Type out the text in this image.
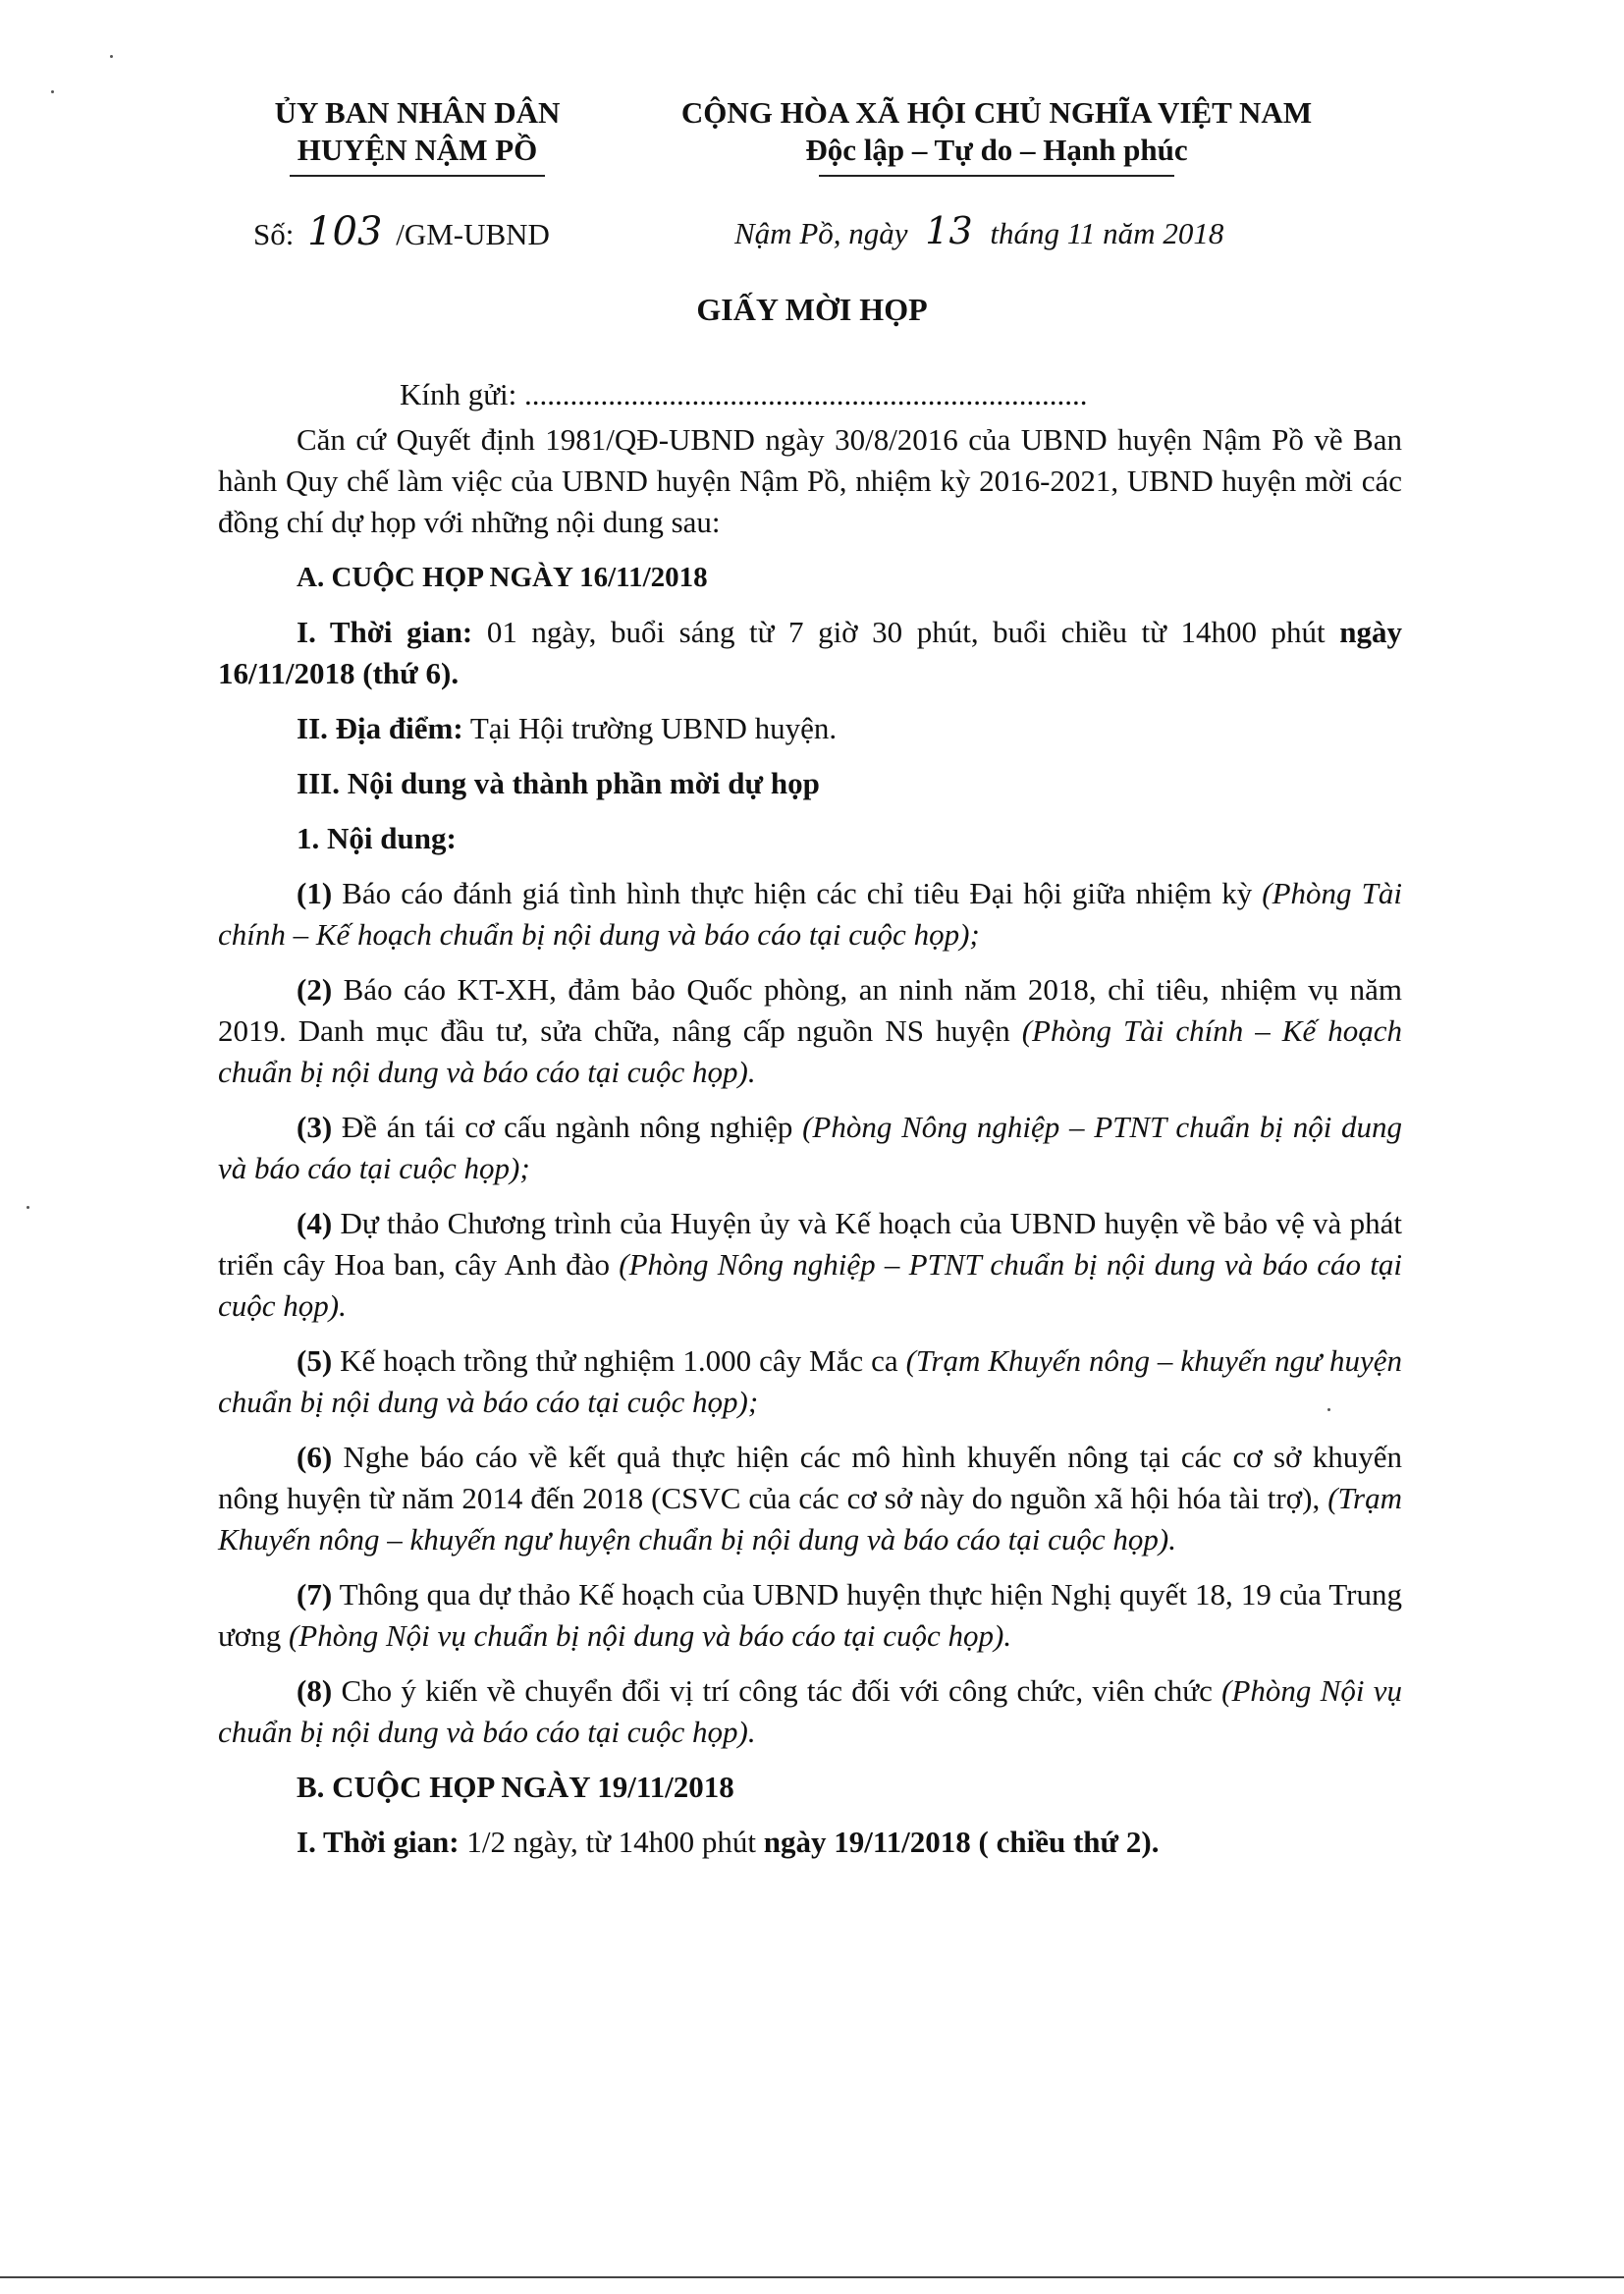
ỦY BAN NHÂN DÂN

HUYỆN NẬM PỒ

CỘNG HÒA XÃ HỘI CHỦ NGHĨA VIỆT NAM

Độc lập – Tự do – Hạnh phúc

Số: 103 /GM-UBND	Nậm Pồ, ngày 13 tháng 11 năm 2018
GIẤY MỜI HỌP
Kính gửi: ..........................................................................

Căn cứ Quyết định 1981/QĐ-UBND ngày 30/8/2016 của UBND huyện Nậm Pồ về Ban hành Quy chế làm việc của UBND huyện Nậm Pồ, nhiệm kỳ 2016-2021, UBND huyện mời các đồng chí dự họp với những nội dung sau:

A. CUỘC HỌP NGÀY 16/11/2018

I. Thời gian: 01 ngày, buổi sáng từ 7 giờ 30 phút, buổi chiều từ 14h00 phút ngày 16/11/2018 (thứ 6).

II. Địa điểm: Tại Hội trường UBND huyện.

III. Nội dung và thành phần mời dự họp

1. Nội dung:

(1) Báo cáo đánh giá tình hình thực hiện các chỉ tiêu Đại hội giữa nhiệm kỳ (Phòng Tài chính – Kế hoạch chuẩn bị nội dung và báo cáo tại cuộc họp);

(2) Báo cáo KT-XH, đảm bảo Quốc phòng, an ninh năm 2018, chỉ tiêu, nhiệm vụ năm 2019. Danh mục đầu tư, sửa chữa, nâng cấp nguồn NS huyện (Phòng Tài chính – Kế hoạch chuẩn bị nội dung và báo cáo tại cuộc họp).

(3) Đề án tái cơ cấu ngành nông nghiệp (Phòng Nông nghiệp – PTNT chuẩn bị nội dung và báo cáo tại cuộc họp);

(4) Dự thảo Chương trình của Huyện ủy và Kế hoạch của UBND huyện về bảo vệ và phát triển cây Hoa ban, cây Anh đào (Phòng Nông nghiệp – PTNT chuẩn bị nội dung và báo cáo tại cuộc họp).

(5) Kế hoạch trồng thử nghiệm 1.000 cây Mắc ca (Trạm Khuyến nông – khuyến ngư huyện chuẩn bị nội dung và báo cáo tại cuộc họp);

(6) Nghe báo cáo về kết quả thực hiện các mô hình khuyến nông tại các cơ sở khuyến nông huyện từ năm 2014 đến 2018 (CSVC của các cơ sở này do nguồn xã hội hóa tài trợ), (Trạm Khuyến nông – khuyến ngư huyện chuẩn bị nội dung và báo cáo tại cuộc họp).

(7) Thông qua dự thảo Kế hoạch của UBND huyện thực hiện Nghị quyết 18, 19 của Trung ương (Phòng Nội vụ chuẩn bị nội dung và báo cáo tại cuộc họp).

(8) Cho ý kiến về chuyển đổi vị trí công tác đối với công chức, viên chức (Phòng Nội vụ chuẩn bị nội dung và báo cáo tại cuộc họp).

B. CUỘC HỌP NGÀY 19/11/2018

I. Thời gian: 1/2 ngày, từ 14h00 phút ngày 19/11/2018 ( chiều thứ 2).
